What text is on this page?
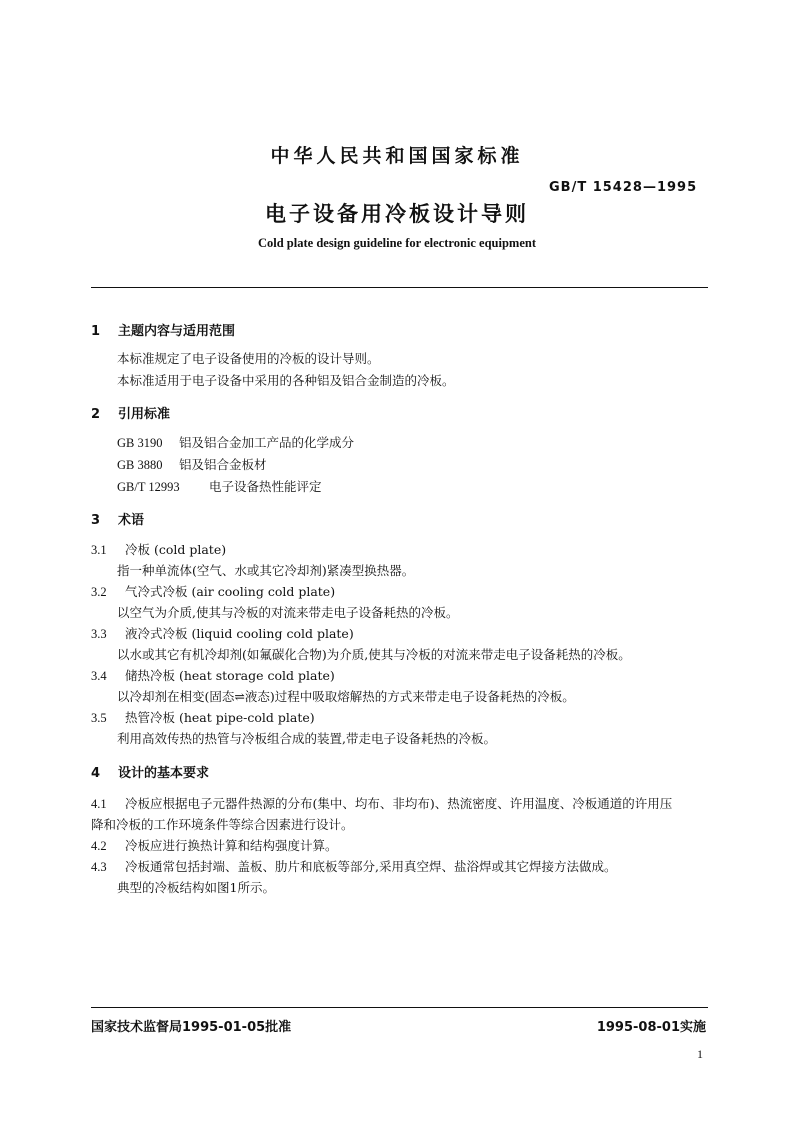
中华人民共和国国家标准
GB/T 15428—1995
电子设备用冷板设计导则
Cold plate design guideline for electronic equipment
1 主题内容与适用范围
本标准规定了电子设备使用的冷板的设计导则。
本标准适用于电子设备中采用的各种铝及铝合金制造的冷板。
2 引用标准
GB 3190 铝及铝合金加工产品的化学成分
GB 3880 铝及铝合金板材
GB/T 12993 电子设备热性能评定
3 术语
3.1 冷板 (cold plate)
指一种单流体(空气、水或其它冷却剂)紧凑型换热器。
3.2 气冷式冷板 (air cooling cold plate)
以空气为介质,使其与冷板的对流来带走电子设备耗热的冷板。
3.3 液冷式冷板 (liquid cooling cold plate)
以水或其它有机冷却剂(如氟碳化合物)为介质,使其与冷板的对流来带走电子设备耗热的冷板。
3.4 储热冷板 (heat storage cold plate)
以冷却剂在相变(固态⇌液态)过程中吸取熔解热的方式来带走电子设备耗热的冷板。
3.5 热管冷板 (heat pipe-cold plate)
利用高效传热的热管与冷板组合成的装置,带走电子设备耗热的冷板。
4 设计的基本要求
4.1 冷板应根据电子元器件热源的分布(集中、均布、非均布)、热流密度、许用温度、冷板通道的许用压
降和冷板的工作环境条件等综合因素进行设计。
4.2 冷板应进行换热计算和结构强度计算。
4.3 冷板通常包括封端、盖板、肋片和底板等部分,采用真空焊、盐浴焊或其它焊接方法做成。
典型的冷板结构如图1所示。
国家技术监督局1995-01-05批准	1995-08-01实施
1
